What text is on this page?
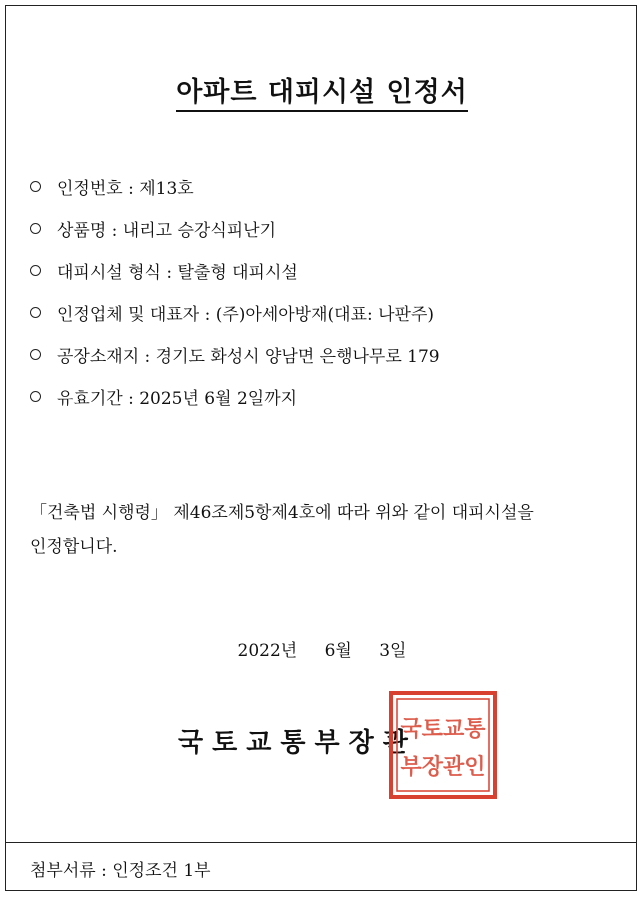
아파트 대피시설 인정서
인정번호 : 제13호
상품명 : 내리고 승강식피난기
대피시설 형식 : 탈출형 대피시설
인정업체 및 대표자 : (주)아세아방재(대표: 나판주)
공장소재지 : 경기도 화성시 양남면 은행나무로 179
유효기간 : 2025년 6월 2일까지
「건축법 시행령」 제46조제5항제4호에 따라 위와 같이 대피시설을
인정합니다.
2022년 6월 3일
국토교통부장관
국토교통
부장관인
첨부서류 : 인정조건 1부
